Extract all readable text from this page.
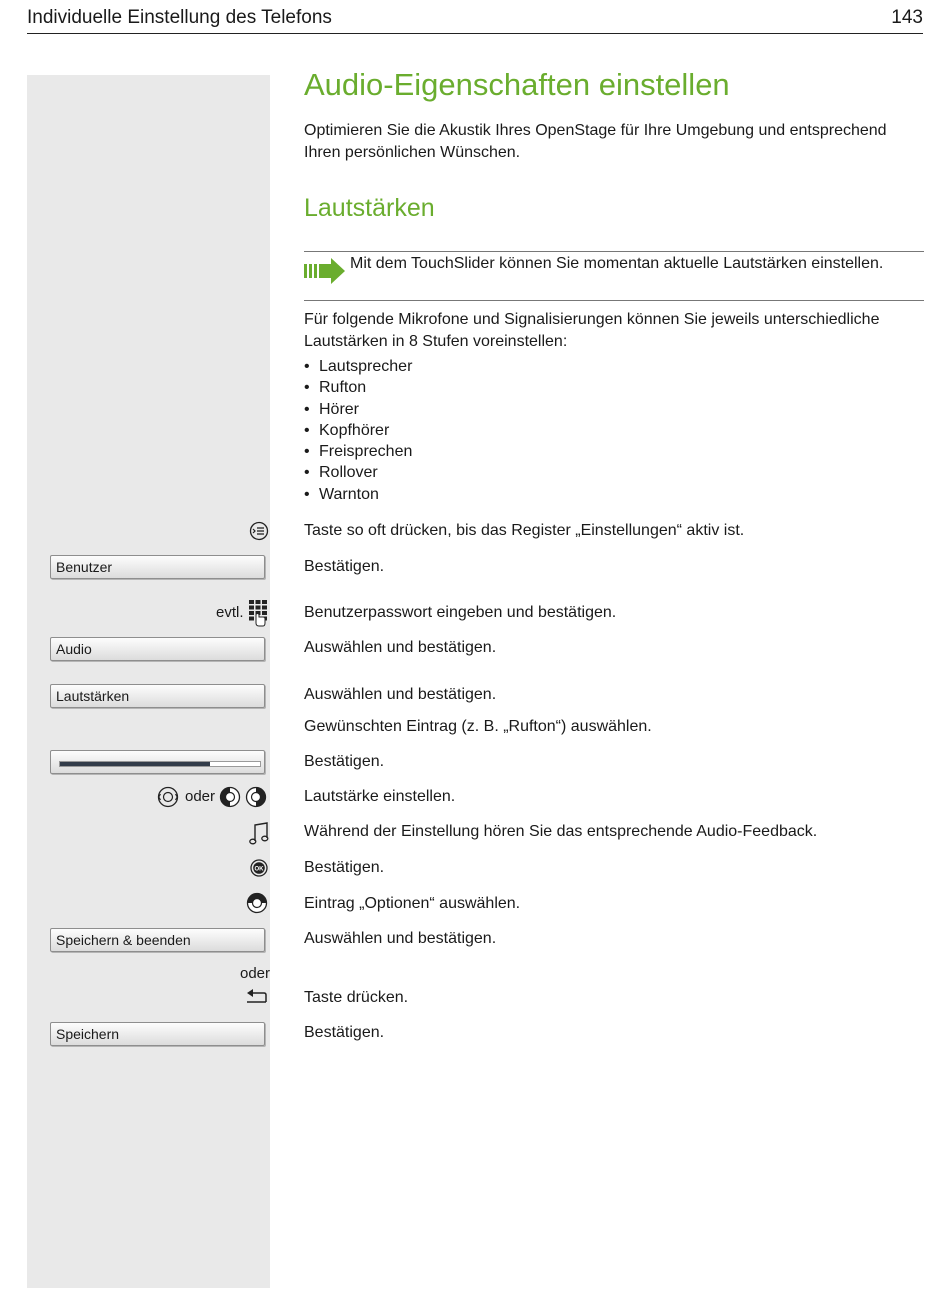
Individuelle Einstellung des Telefons	143
Audio-Eigenschaften einstellen
Optimieren Sie die Akustik Ihres OpenStage für Ihre Umgebung und entsprechend Ihren persönlichen Wünschen.
Lautstärken
Mit dem TouchSlider können Sie momentan aktuelle Lautstärken einstellen.
Für folgende Mikrofone und Signalisierungen können Sie jeweils unterschiedliche Lautstärken in 8 Stufen voreinstellen:
• Lautsprecher
• Rufton
• Hörer
• Kopfhörer
• Freisprechen
• Rollover
• Warnton
Taste so oft drücken, bis das Register „Einstellungen“ aktiv ist.
Benutzer	Bestätigen.
evtl.	Benutzerpasswort eingeben und bestätigen.
Audio	Auswählen und bestätigen.
Lautstärken	Auswählen und bestätigen.
Gewünschten Eintrag (z. B. „Rufton“) auswählen.
Bestätigen.
oder	Lautstärke einstellen.
Während der Einstellung hören Sie das entsprechende Audio-Feedback.
OK	Bestätigen.
Eintrag „Optionen“ auswählen.
Speichern & beenden	Auswählen und bestätigen.
oder
Taste drücken.
Speichern	Bestätigen.
